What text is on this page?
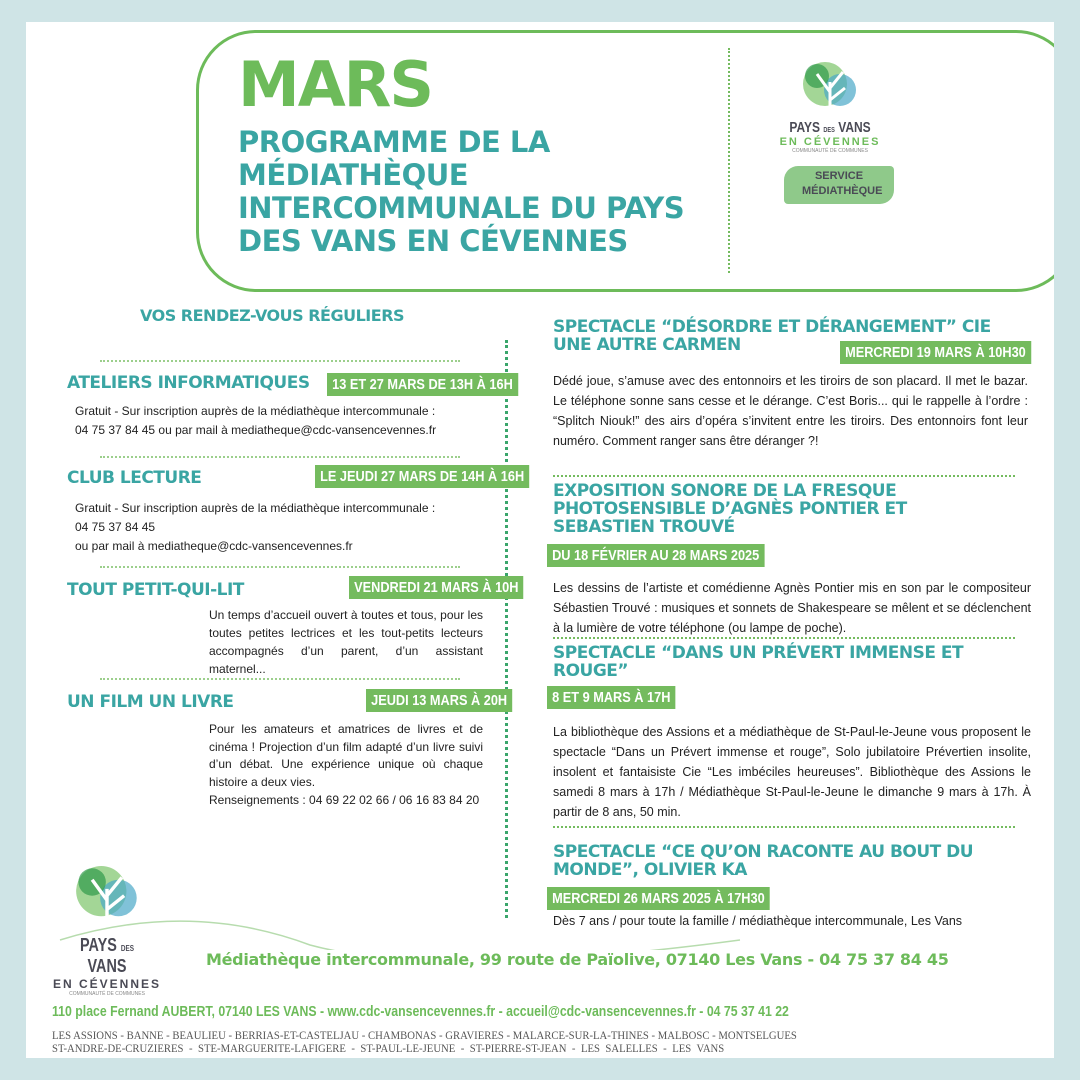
MARS
PROGRAMME DE LA MÉDIATHÈQUE INTERCOMMUNALE DU PAYS DES VANS EN CÉVENNES
PAYS DES VANS
EN CÉVENNES
COMMUNAUTÉ DE COMMUNES
SERVICE MÉDIATHÈQUE
VOS RENDEZ-VOUS RÉGULIERS
ATELIERS INFORMATIQUES	13 ET 27 MARS DE 13H À 16H
Gratuit - Sur inscription auprès de la médiathèque intercommunale :
04 75 37 84 45 ou par mail à mediatheque@cdc-vansencevennes.fr
CLUB LECTURE	LE JEUDI 27 MARS DE 14H À 16H
Gratuit - Sur inscription auprès de la médiathèque intercommunale :
04 75 37 84 45
ou par mail à mediatheque@cdc-vansencevennes.fr
TOUT PETIT-QUI-LIT	VENDREDI 21 MARS À 10H
Un temps d’accueil ouvert à toutes et tous, pour les toutes petites lectrices et les tout-petits lecteurs accompagnés d’un parent, d’un assistant maternel...
UN FILM UN LIVRE	JEUDI 13 MARS À 20H
Pour les amateurs et amatrices de livres et de cinéma ! Projection d’un film adapté d’un livre suivi d’un débat. Une expérience unique où chaque histoire a deux vies.
Renseignements : 04 69 22 02 66 / 06 16 83 84 20
SPECTACLE “DÉSORDRE ET DÉRANGEMENT” CIE UNE AUTRE CARMEN	MERCREDI 19 MARS À 10H30
Dédé joue, s’amuse avec des entonnoirs et les tiroirs de son placard. Il met le bazar. Le téléphone sonne sans cesse et le dérange. C’est Boris... qui le rappelle à l’ordre : “Splitch Niouk!” des airs d’opéra s’invitent entre les tiroirs. Des entonnoirs font leur numéro. Comment ranger sans être déranger ?!
EXPOSITION SONORE DE LA FRESQUE PHOTOSENSIBLE D’AGNÈS PONTIER ET SEBASTIEN TROUVÉ
DU 18 FÉVRIER AU 28 MARS 2025
Les dessins de l’artiste et comédienne Agnès Pontier mis en son par le compositeur Sébastien Trouvé : musiques et sonnets de Shakespeare se mêlent et se déclenchent à la lumière de votre téléphone (ou lampe de poche).
SPECTACLE “DANS UN PRÉVERT IMMENSE ET ROUGE”
8 ET 9 MARS À 17H
La bibliothèque des Assions et a médiathèque de St-Paul-le-Jeune vous proposent le spectacle “Dans un Prévert immense et rouge”, Solo jubilatoire Prévertien insolite, insolent et fantaisiste Cie “Les imbéciles heureuses”. Bibliothèque des Assions le samedi 8 mars à 17h / Médiathèque St-Paul-le-Jeune le dimanche 9 mars à 17h. À partir de 8 ans, 50 min.
SPECTACLE “CE QU’ON RACONTE AU BOUT DU MONDE”, OLIVIER KA
MERCREDI 26 MARS 2025 À 17H30
Dès 7 ans / pour toute la famille / médiathèque intercommunale, Les Vans
PAYS DES VANS
EN CÉVENNES
COMMUNAUTÉ DE COMMUNES
Médiathèque intercommunale, 99 route de Païolive, 07140 Les Vans - 04 75 37 84 45
110 place Fernand AUBERT, 07140 LES VANS - www.cdc-vansencevennes.fr - accueil@cdc-vansencevennes.fr - 04 75 37 41 22
LES ASSIONS - BANNE - BEAULIEU - BERRIAS-ET-CASTELJAU - CHAMBONAS - GRAVIERES - MALARCE-SUR-LA-THINES - MALBOSC - MONTSELGUES
ST-ANDRE-DE-CRUZIERES - STE-MARGUERITE-LAFIGERE - ST-PAUL-LE-JEUNE - ST-PIERRE-ST-JEAN - LES SALELLES - LES VANS
